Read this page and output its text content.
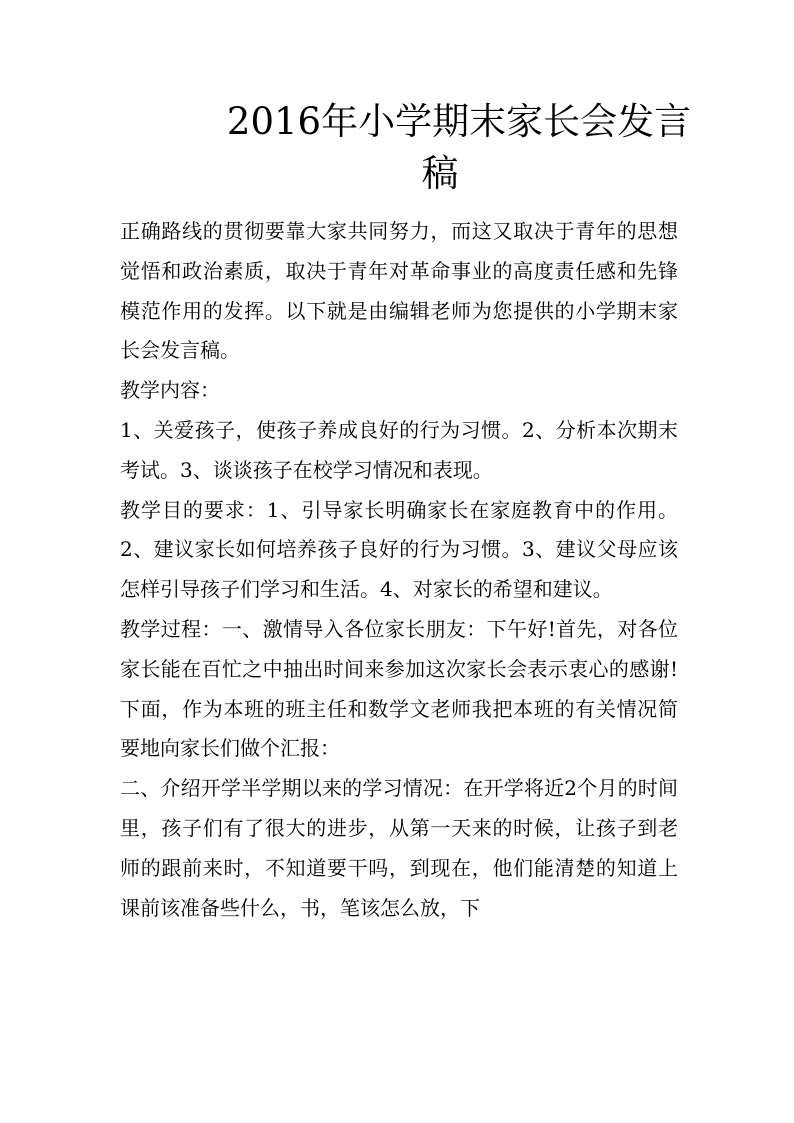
2016年小学期末家长会发言
稿

正确路线的贯彻要靠大家共同努力，而这又取决于青年的思想觉悟和政治素质，取决于青年对革命事业的高度责任感和先锋模范作用的发挥。以下就是由编辑老师为您提供的小学期末家长会发言稿。

教学内容：

1、关爱孩子，使孩子养成良好的行为习惯。2、分析本次期末考试。3、谈谈孩子在校学习情况和表现。

教学目的要求：1、引导家长明确家长在家庭教育中的作用。2、建议家长如何培养孩子良好的行为习惯。3、建议父母应该怎样引导孩子们学习和生活。4、对家长的希望和建议。

教学过程：一、激情导入各位家长朋友：下午好!首先，对各位家长能在百忙之中抽出时间来参加这次家长会表示衷心的感谢!下面，作为本班的班主任和数学文老师我把本班的有关情况简要地向家长们做个汇报：

二、介绍开学半学期以来的学习情况：在开学将近2个月的时间里，孩子们有了很大的进步，从第一天来的时候，让孩子到老师的跟前来时，不知道要干吗，到现在，他们能清楚的知道上课前该准备些什么，书，笔该怎么放，下
